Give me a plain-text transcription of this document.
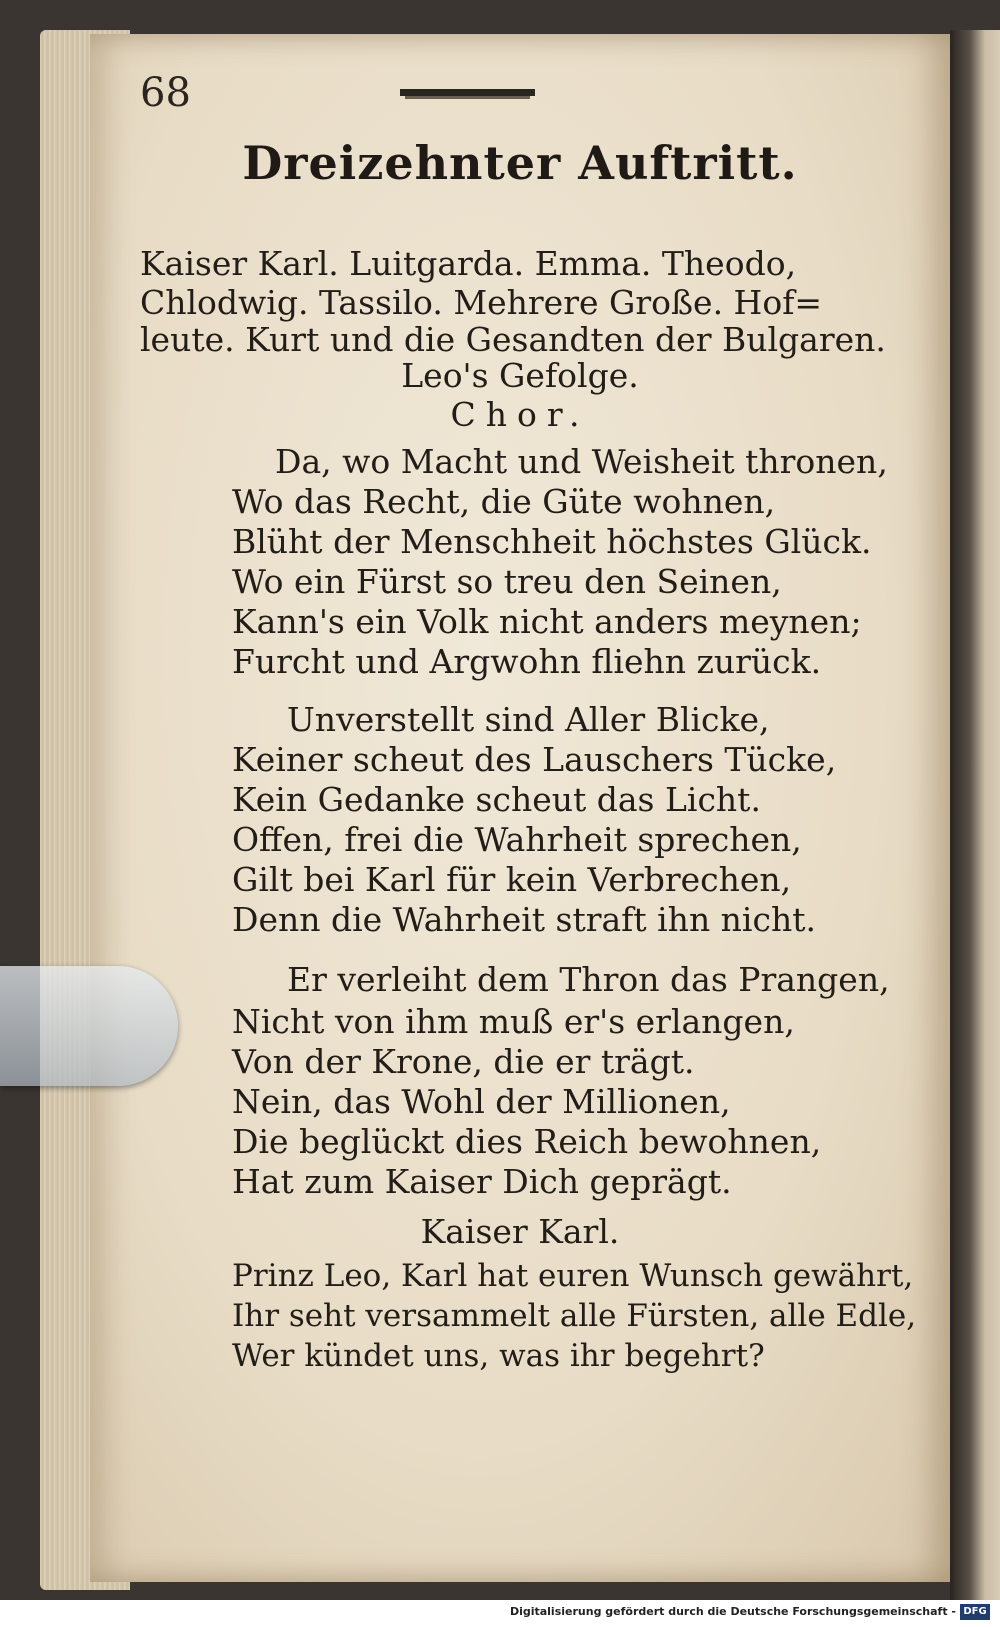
68
Dreizehnter Auftritt.
Kaiser Karl. Luitgarda. Emma. Theodo,
Chlodwig. Tassilo. Mehrere Große. Hof=
leute. Kurt und die Gesandten der Bulgaren.
Leo's Gefolge.
Chor.
Da, wo Macht und Weisheit thronen,
Wo das Recht, die Güte wohnen,
Blüht der Menschheit höchstes Glück.
Wo ein Fürst so treu den Seinen,
Kann's ein Volk nicht anders meynen;
Furcht und Argwohn fliehn zurück.
Unverstellt sind Aller Blicke,
Keiner scheut des Lauschers Tücke,
Kein Gedanke scheut das Licht.
Offen, frei die Wahrheit sprechen,
Gilt bei Karl für kein Verbrechen,
Denn die Wahrheit straft ihn nicht.
Er verleiht dem Thron das Prangen,
Nicht von ihm muß er's erlangen,
Von der Krone, die er trägt.
Nein, das Wohl der Millionen,
Die beglückt dies Reich bewohnen,
Hat zum Kaiser Dich geprägt.
Kaiser Karl.
Prinz Leo, Karl hat euren Wunsch gewährt,
Ihr seht versammelt alle Fürsten, alle Edle,
Wer kündet uns, was ihr begehrt?
Digitalisierung gefördert durch die Deutsche Forschungsgemeinschaft - DFG
